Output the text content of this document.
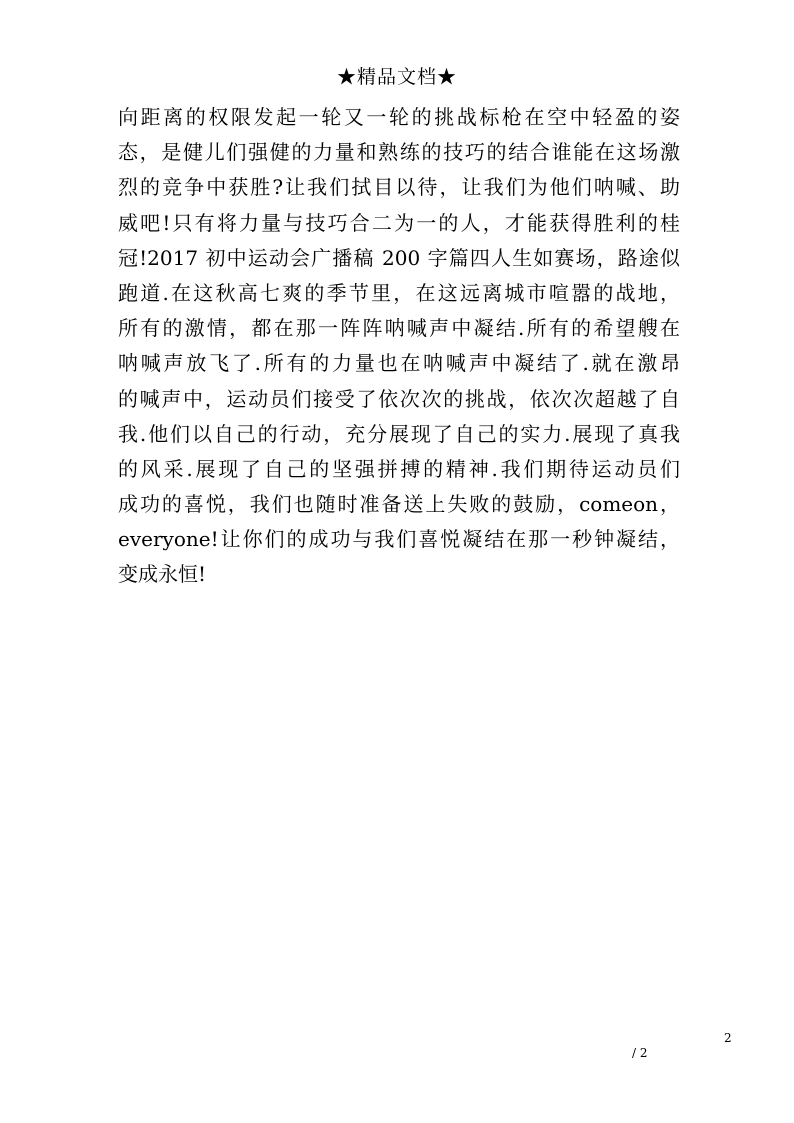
★精品文档★
向距离的权限发起一轮又一轮的挑战标枪在空中轻盈的姿
态，是健儿们强健的力量和熟练的技巧的结合谁能在这场激
烈的竞争中获胜?让我们拭目以待，让我们为他们呐喊、助
威吧!只有将力量与技巧合二为一的人，才能获得胜利的桂
冠!2017 初中运动会广播稿 200 字篇四人生如赛场，路途似
跑道.在这秋高七爽的季节里，在这远离城市喧嚣的战地，
所有的激情，都在那一阵阵呐喊声中凝结.所有的希望艘在
呐喊声放飞了.所有的力量也在呐喊声中凝结了.就在激昂
的喊声中，运动员们接受了依次次的挑战，依次次超越了自
我.他们以自己的行动，充分展现了自己的实力.展现了真我
的风采.展现了自己的坚强拼搏的精神.我们期待运动员们
成功的喜悦，我们也随时准备送上失败的鼓励，comeon，
everyone!让你们的成功与我们喜悦凝结在那一秒钟凝结，
变成永恒!
2
/ 2
